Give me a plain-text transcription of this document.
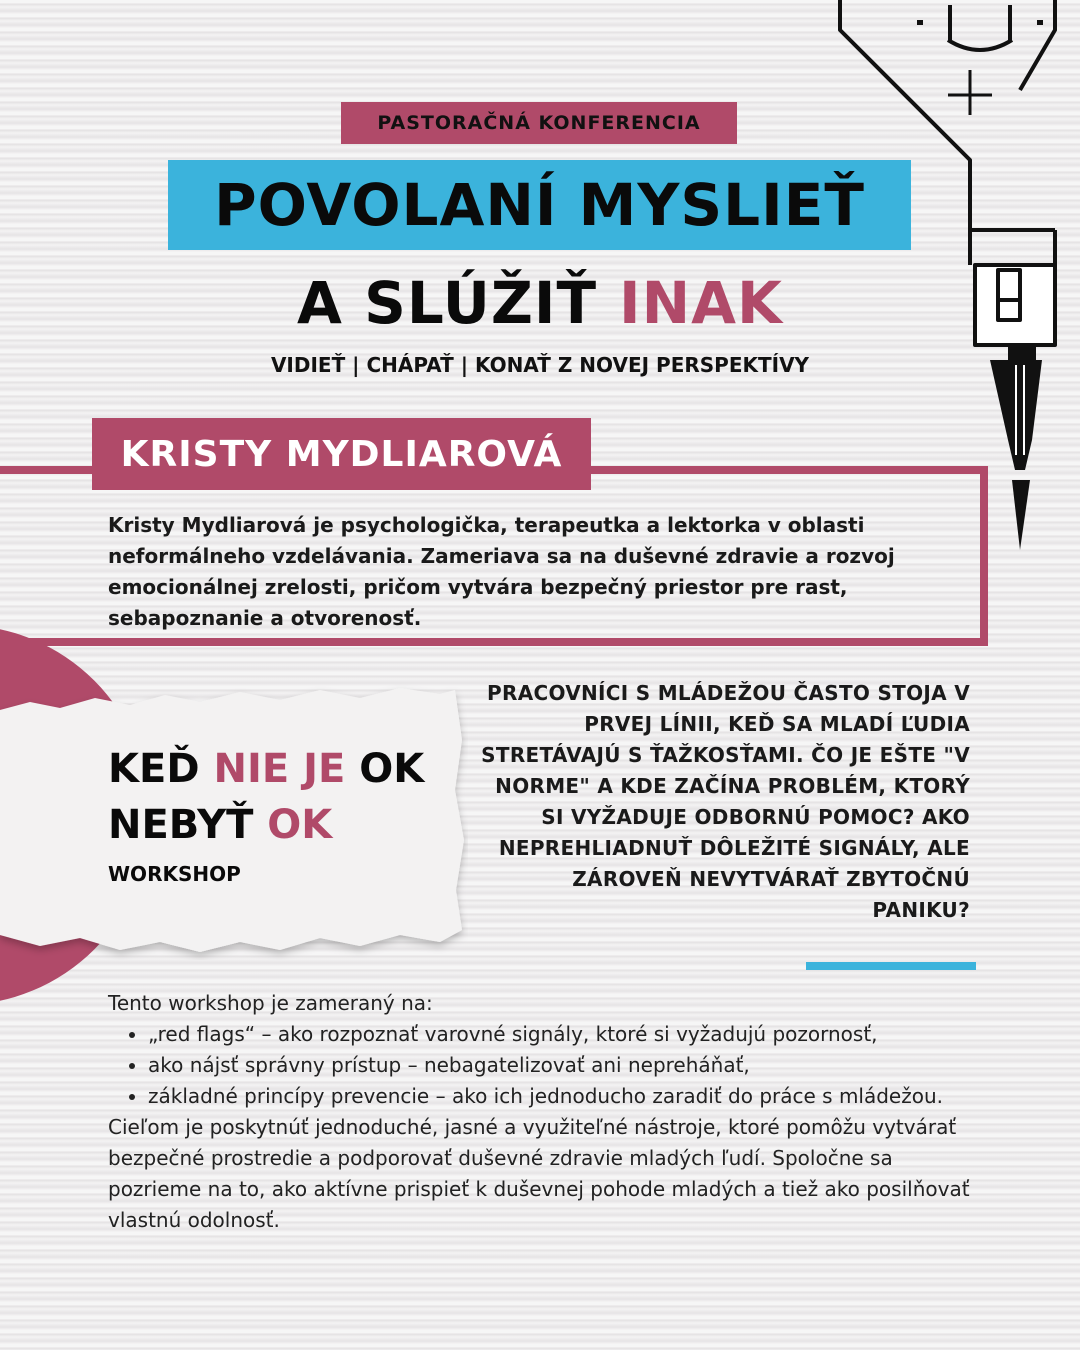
PASTORAČNÁ KONFERENCIA
POVOLANÍ MYSLIEŤ
A SLÚŽIŤ INAK
VIDIEŤ | CHÁPAŤ | KONAŤ Z NOVEJ PERSPEKTÍVY
KRISTY MYDLIAROVÁ
Kristy Mydliarová je psychologička, terapeutka a lektorka v oblasti neformálneho vzdelávania. Zameriava sa na duševné zdravie a rozvoj emocionálnej zrelosti, pričom vytvára bezpečný priestor pre rast, sebapoznanie a otvorenosť.
KEĎ NIE JE OK
NEBYŤ OK
WORKSHOP
PRACOVNÍCI S MLÁDEŽOU ČASTO STOJA V PRVEJ LÍNII, KEĎ SA MLADÍ ĽUDIA STRETÁVAJÚ S ŤAŽKOSŤAMI. ČO JE EŠTE "V NORME" A KDE ZAČÍNA PROBLÉM, KTORÝ SI VYŽADUJE ODBORNÚ POMOC? AKO NEPREHLIADNUŤ DÔLEŽITÉ SIGNÁLY, ALE ZÁROVEŇ NEVYTVÁRAŤ ZBYTOČNÚ PANIKU?

Tento workshop je zameraný na:

• „red flags“ – ako rozpoznať varovné signály, ktoré si vyžadujú pozornosť,
• ako nájsť správny prístup – nebagatelizovať ani nepreháňať,
• základné princípy prevencie – ako ich jednoducho zaradiť do práce s mládežou.

Cieľom je poskytnúť jednoduché, jasné a využiteľné nástroje, ktoré pomôžu vytvárať bezpečné prostredie a podporovať duševné zdravie mladých ľudí. Spoločne sa pozrieme na to, ako aktívne prispieť k duševnej pohode mladých a tiež ako posilňovať vlastnú odolnosť.
